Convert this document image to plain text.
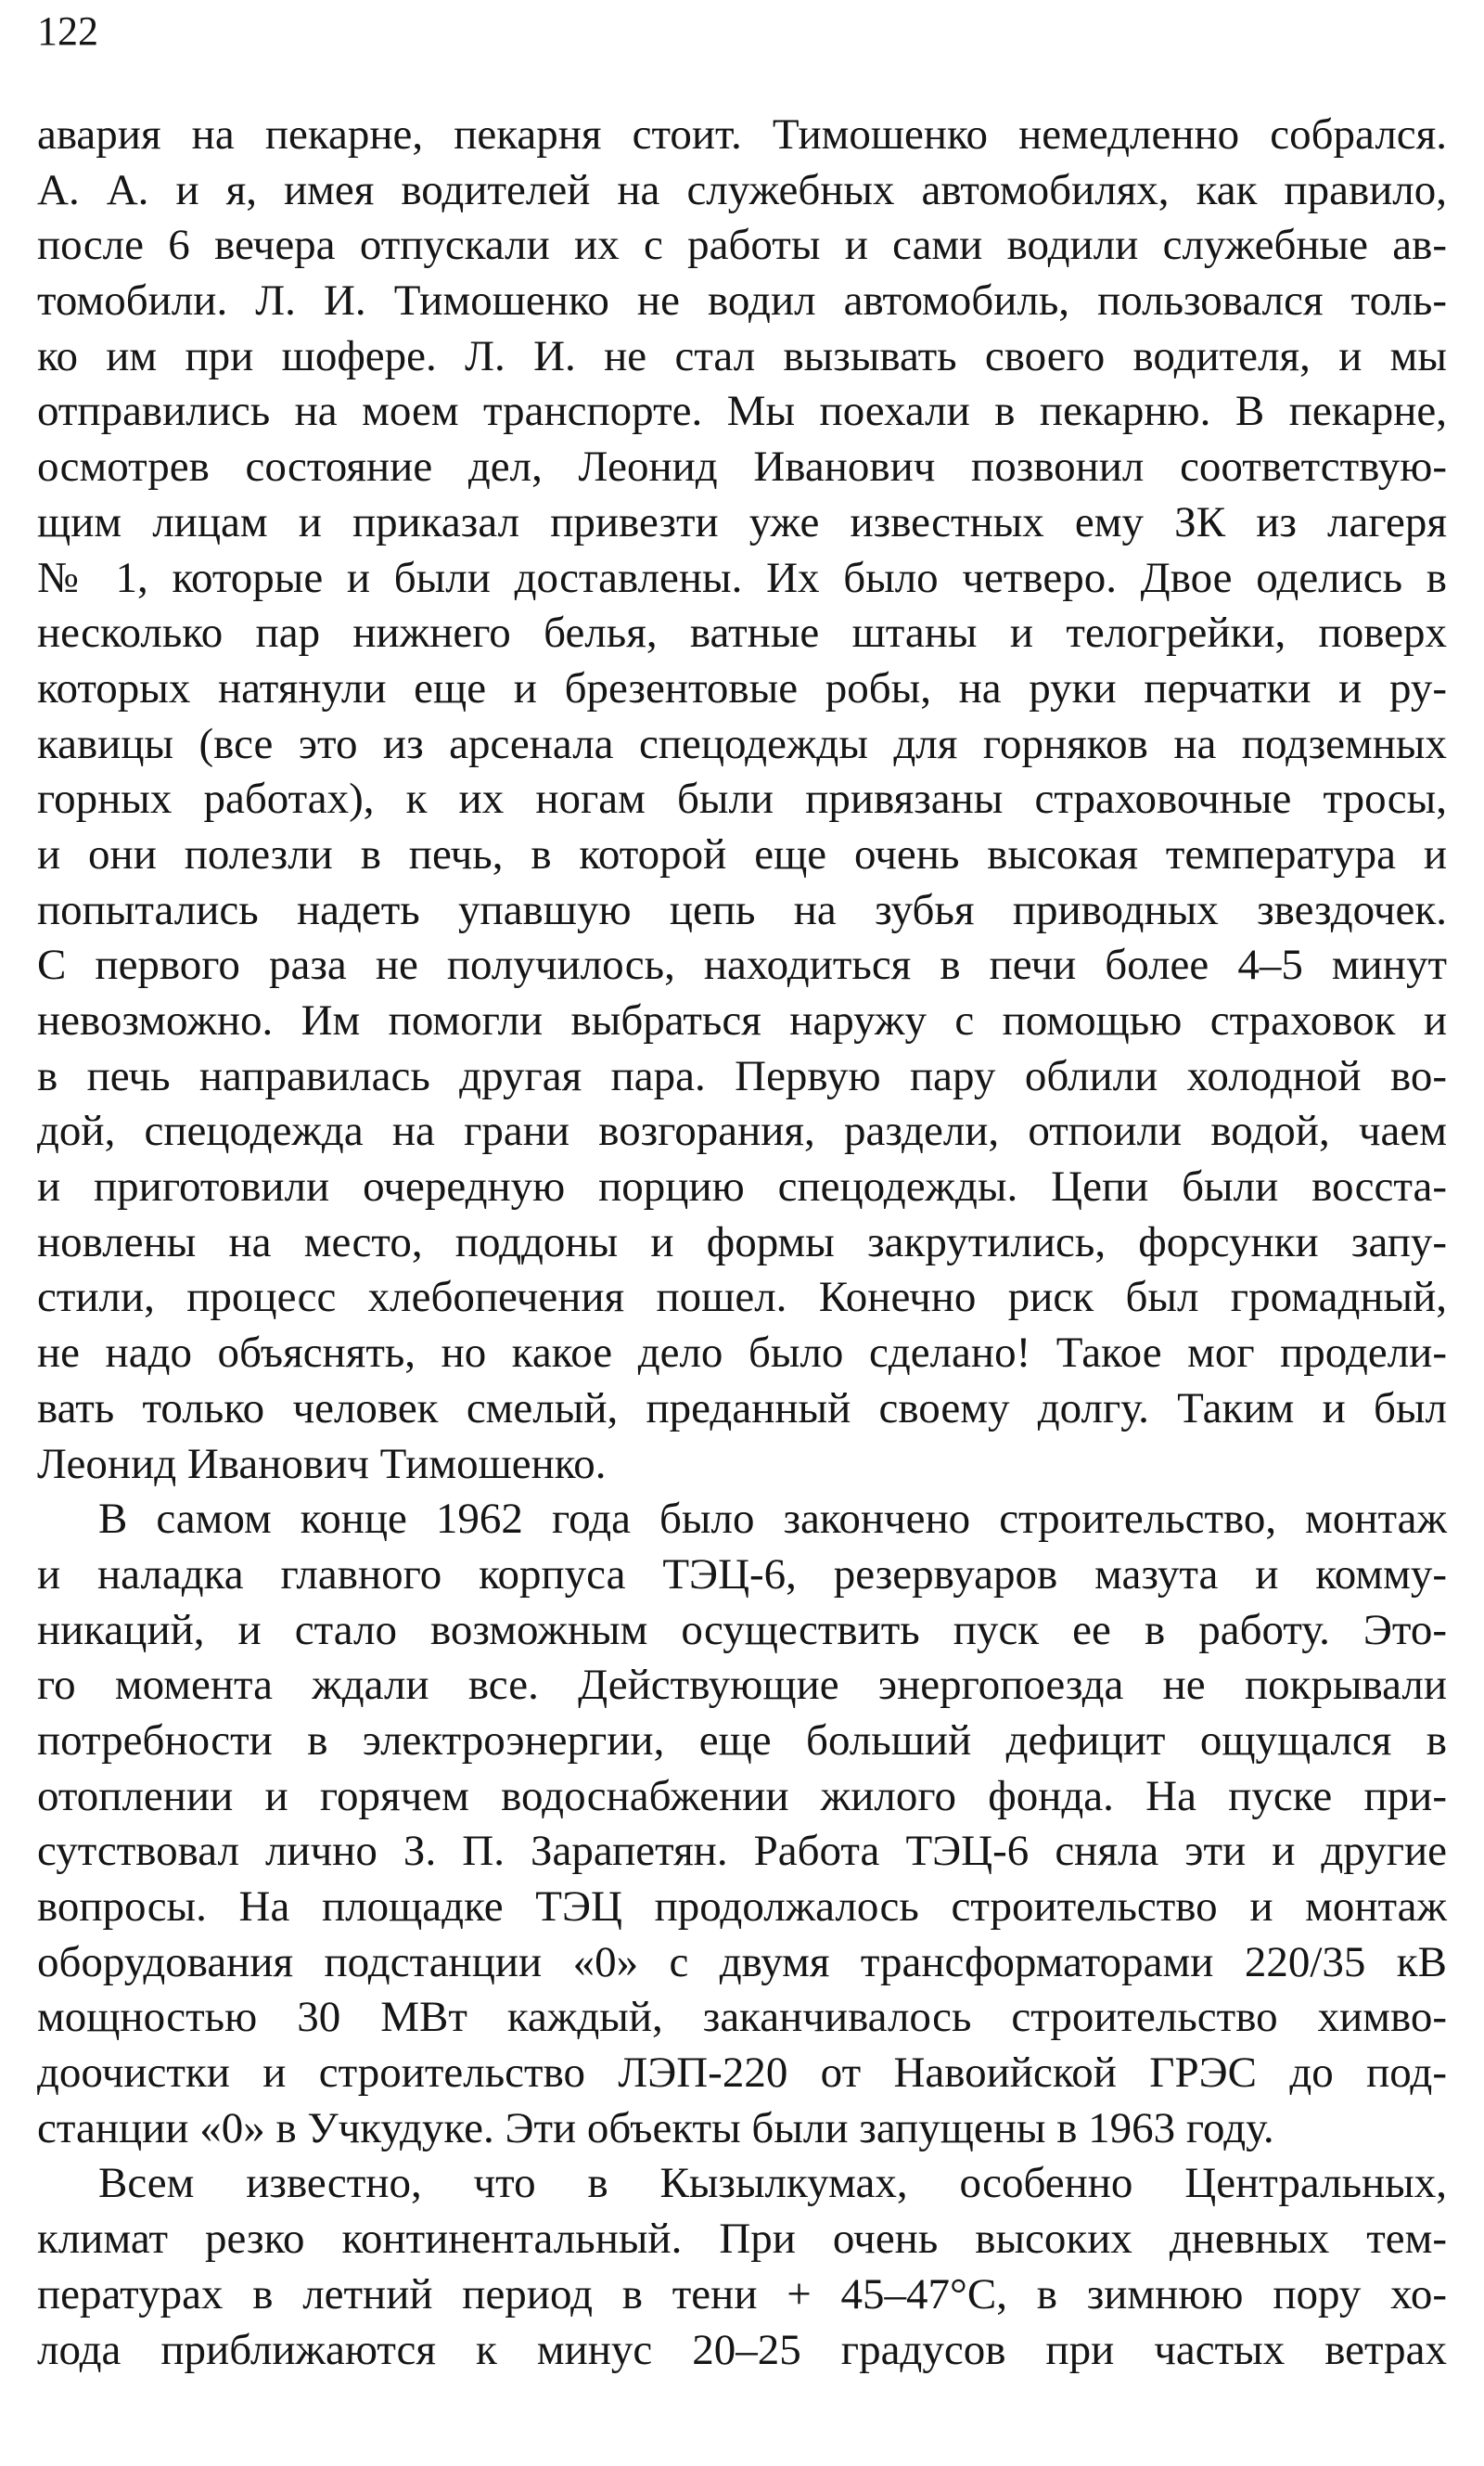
122

авария на пекарне, пекарня стоит. Тимошенко немедленно собрался.
А. А. и я, имея водителей на служебных автомобилях, как правило,
после 6 вечера отпускали их с работы и сами водили служебные ав-
томобили. Л. И. Тимошенко не водил автомобиль, пользовался толь-
ко им при шофере. Л. И. не стал вызывать своего водителя, и мы
отправились на моем транспорте. Мы поехали в пекарню. В пекарне,
осмотрев состояние дел, Леонид Иванович позвонил соответствую-
щим лицам и приказал привезти уже известных ему ЗК из лагеря
№ 1, которые и были доставлены. Их было четверо. Двое оделись в
несколько пар нижнего белья, ватные штаны и телогрейки, поверх
которых натянули еще и брезентовые робы, на руки перчатки и ру-
кавицы (все это из арсенала спецодежды для горняков на подземных
горных работах), к их ногам были привязаны страховочные тросы,
и они полезли в печь, в которой еще очень высокая температура и
попытались надеть упавшую цепь на зубья приводных звездочек.
С первого раза не получилось, находиться в печи более 4–5 минут
невозможно. Им помогли выбраться наружу с помощью страховок и
в печь направилась другая пара. Первую пару облили холодной во-
дой, спецодежда на грани возгорания, раздели, отпоили водой, чаем
и приготовили очередную порцию спецодежды. Цепи были восста-
новлены на место, поддоны и формы закрутились, форсунки запу-
стили, процесс хлебопечения пошел. Конечно риск был громадный,
не надо объяснять, но какое дело было сделано! Такое мог продели-
вать только человек смелый, преданный своему долгу. Таким и был
Леонид Иванович Тимошенко.
В самом конце 1962 года было закончено строительство, монтаж
и наладка главного корпуса ТЭЦ-6, резервуаров мазута и комму-
никаций, и стало возможным осуществить пуск ее в работу. Это-
го момента ждали все. Действующие энергопоезда не покрывали
потребности в электроэнергии, еще больший дефицит ощущался в
отоплении и горячем водоснабжении жилого фонда. На пуске при-
сутствовал лично З. П. Зарапетян. Работа ТЭЦ-6 сняла эти и другие
вопросы. На площадке ТЭЦ продолжалось строительство и монтаж
оборудования подстанции «0» с двумя трансформаторами 220/35 кВ
мощностью 30 МВт каждый, заканчивалось строительство химво-
доочистки и строительство ЛЭП-220 от Навоийской ГРЭС до под-
станции «0» в Учкудуке. Эти объекты были запущены в 1963 году.
Всем известно, что в Кызылкумах, особенно Центральных,
климат резко континентальный. При очень высоких дневных тем-
пературах в летний период в тени + 45–47°С, в зимнюю пору хо-
лода приближаются к минус 20–25 градусов при частых ветрах
